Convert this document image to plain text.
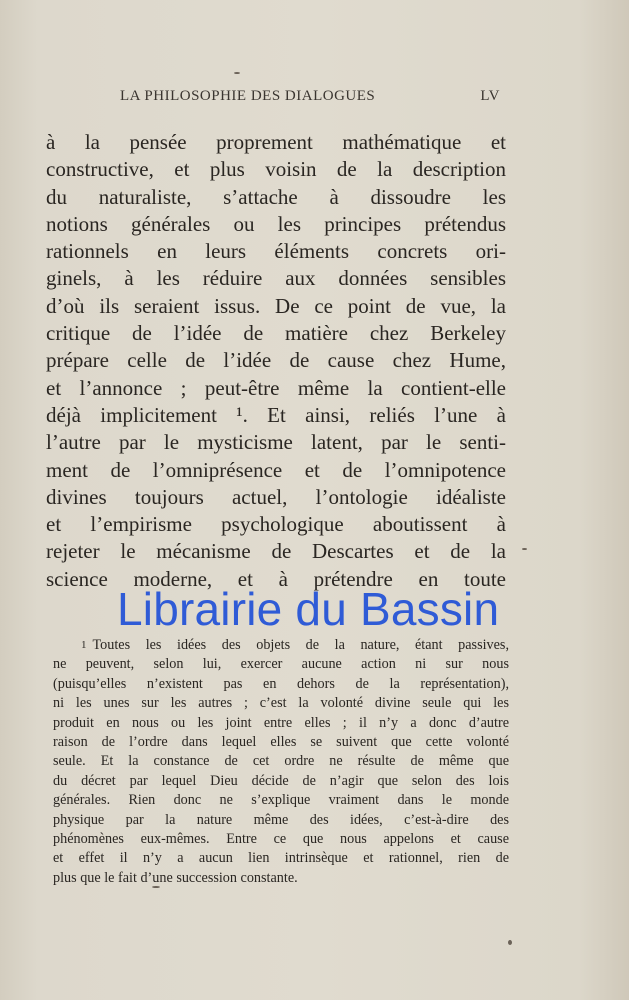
LA PHILOSOPHIE DES DIALOGUES	LV
à la pensée proprement mathématique et
constructive, et plus voisin de la description
du naturaliste, s’attache à dissoudre les
notions générales ou les principes prétendus
rationnels en leurs éléments concrets ori-
ginels, à les réduire aux données sensibles
d’où ils seraient issus. De ce point de vue, la
critique de l’idée de matière chez Berkeley
prépare celle de l’idée de cause chez Hume,
et l’annonce ; peut-être même la contient-elle
déjà implicitement ¹. Et ainsi, reliés l’une à
l’autre par le mysticisme latent, par le senti-
ment de l’omniprésence et de l’omnipotence
divines toujours actuel, l’ontologie idéaliste
et l’empirisme psychologique aboutissent à
rejeter le mécanisme de Descartes et de la
science moderne, et à prétendre en toute
Librairie du Bassin
1 Toutes les idées des objets de la nature, étant passives,
ne peuvent, selon lui, exercer aucune action ni sur nous
(puisqu’elles n’existent pas en dehors de la représentation),
ni les unes sur les autres ; c’est la volonté divine seule qui les
produit en nous ou les joint entre elles ; il n’y a donc d’autre
raison de l’ordre dans lequel elles se suivent que cette volonté
seule. Et la constance de cet ordre ne résulte de même que
du décret par lequel Dieu décide de n’agir que selon des lois
générales. Rien donc ne s’explique vraiment dans le monde
physique par la nature même des idées, c’est-à-dire des
phénomènes eux-mêmes. Entre ce que nous appelons et cause
et effet il n’y a aucun lien intrinsèque et rationnel, rien de
plus que le fait d’une succession constante.
